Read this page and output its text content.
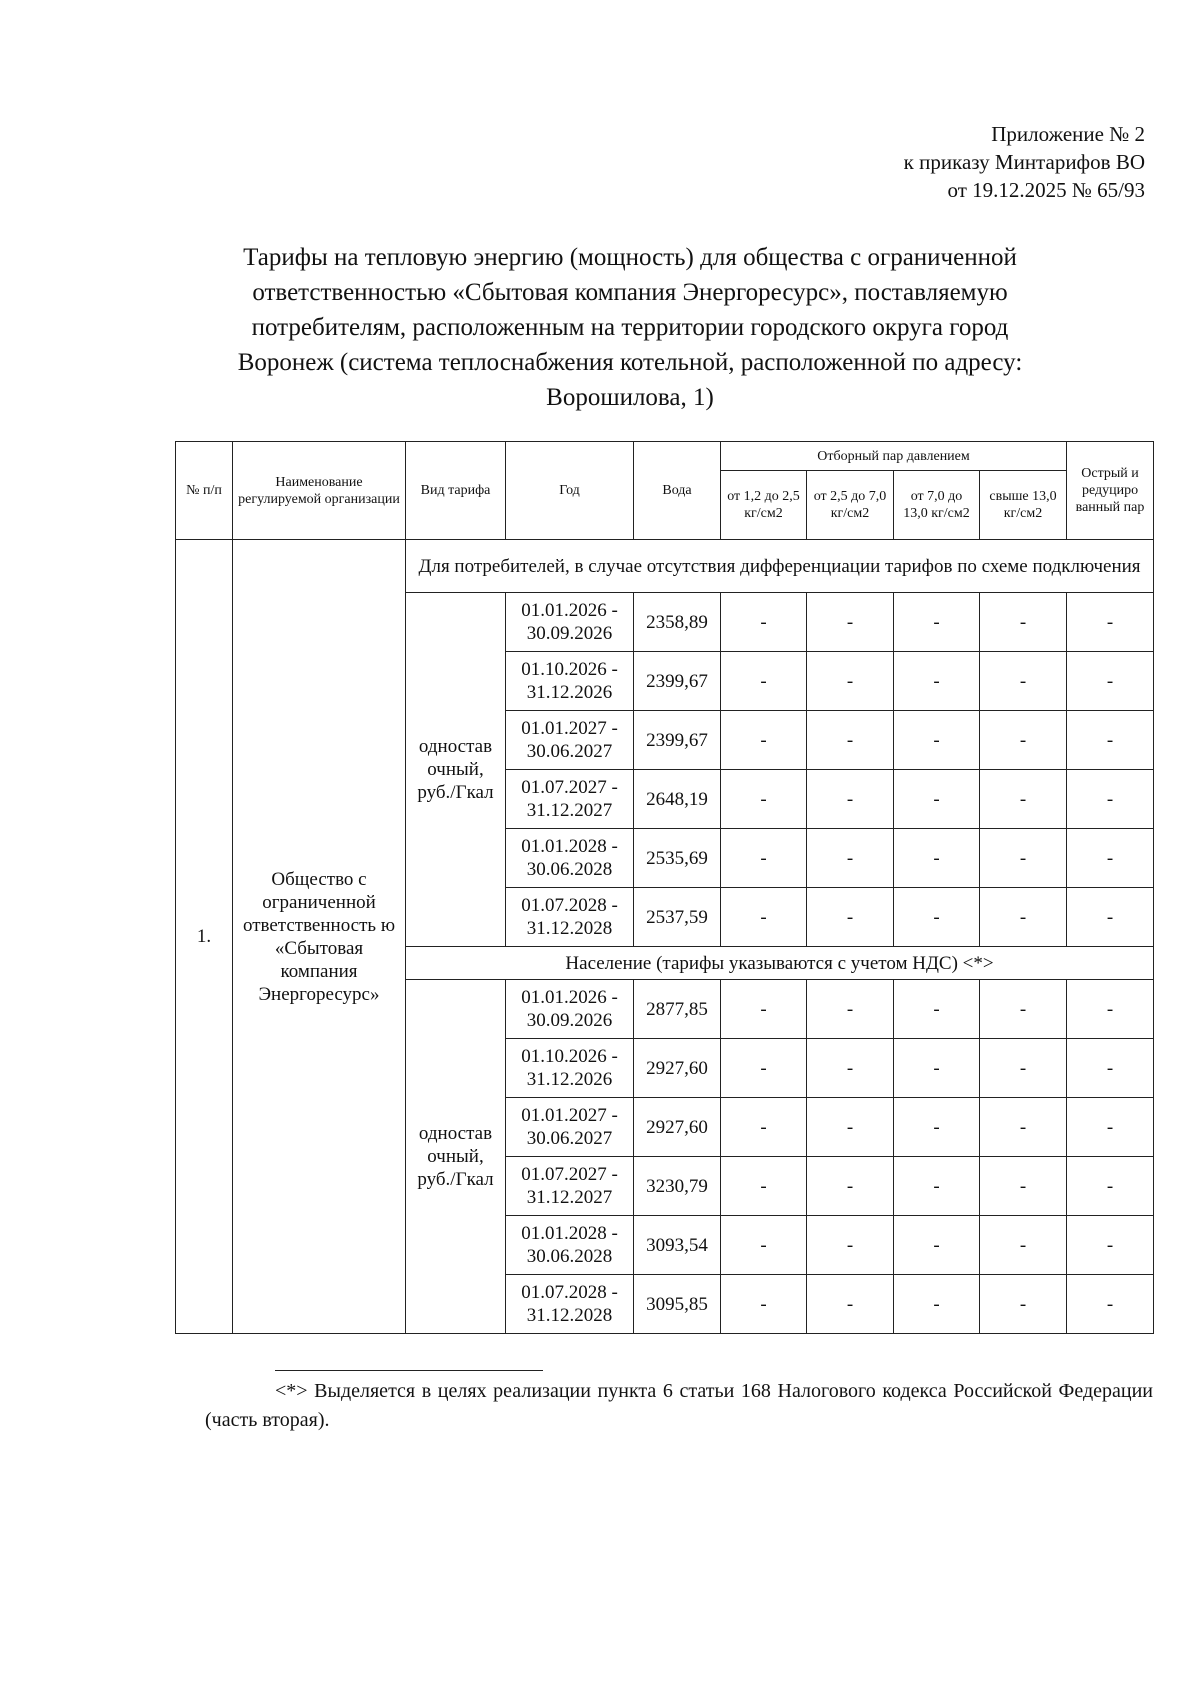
Приложение № 2
к приказу Минтарифов ВО
от 19.12.2025 № 65/93
Тарифы на тепловую энергию (мощность) для общества с ограниченной ответственностью «Сбытовая компания Энергоресурс», поставляемую потребителям, расположенным на территории городского округа город Воронеж (система теплоснабжения котельной, расположенной по адресу: Ворошилова, 1)
№ п/п	Наименование регулируемой организации	Вид тарифа	Год	Вода	Отборный пар давлением				Острый и редуциро ванный пар
					от 1,2 до 2,5 кг/см2	от 2,5 до 7,0 кг/см2	от 7,0 до 13,0 кг/см2	свыше 13,0 кг/см2	
1.	Общество с ограниченной ответственность ю «Сбытовая компания Энергоресурс»	Для потребителей, в случае отсутствия дифференциации тарифов по схеме подключения							
		одностав очный, руб./Гкал	01.01.2026 - 30.09.2026	2358,89	-	-	-	-	-
			01.10.2026 - 31.12.2026	2399,67	-	-	-	-	-
			01.01.2027 - 30.06.2027	2399,67	-	-	-	-	-
			01.07.2027 - 31.12.2027	2648,19	-	-	-	-	-
			01.01.2028 - 30.06.2028	2535,69	-	-	-	-	-
			01.07.2028 - 31.12.2028	2537,59	-	-	-	-	-
		Население (тарифы указываются с учетом НДС) <*>							
		одностав очный, руб./Гкал	01.01.2026 - 30.09.2026	2877,85	-	-	-	-	-
			01.10.2026 - 31.12.2026	2927,60	-	-	-	-	-
			01.01.2027 - 30.06.2027	2927,60	-	-	-	-	-
			01.07.2027 - 31.12.2027	3230,79	-	-	-	-	-
			01.01.2028 - 30.06.2028	3093,54	-	-	-	-	-
			01.07.2028 - 31.12.2028	3095,85	-	-	-	-	-
<*> Выделяется в целях реализации пункта 6 статьи 168 Налогового кодекса Российской Федерации (часть вторая).
